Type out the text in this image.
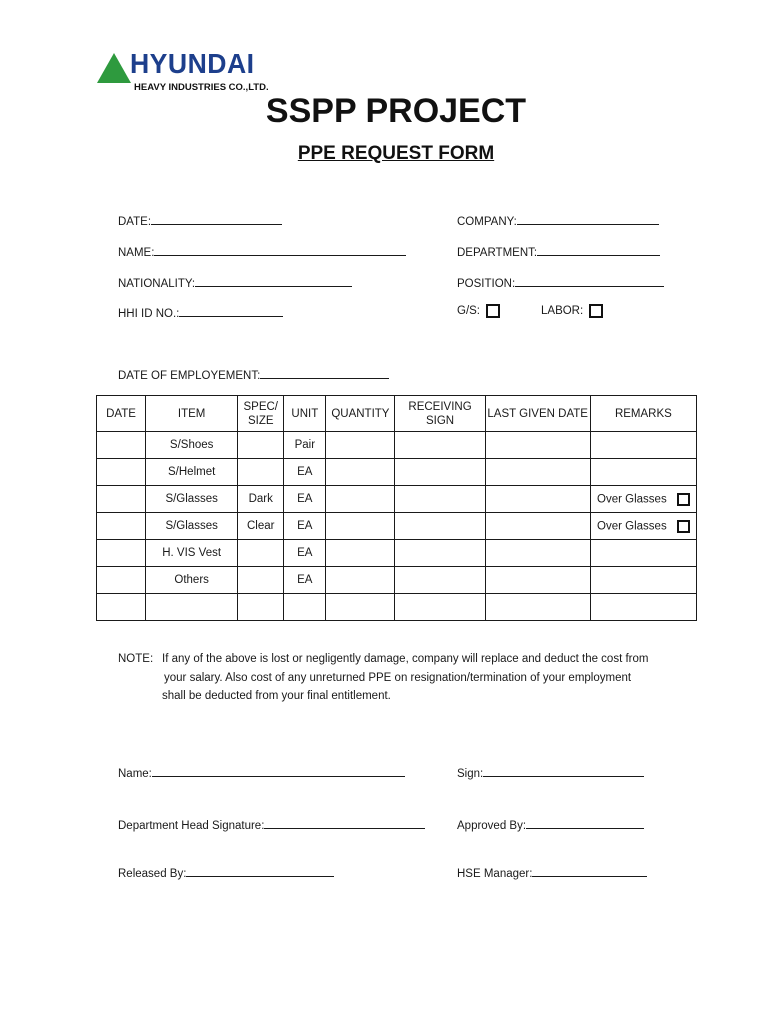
HYUNDAI
HEAVY INDUSTRIES CO.,LTD.
SSPP PROJECT
PPE REQUEST FORM
DATE:	COMPANY:
NAME:	DEPARTMENT:
NATIONALITY:	POSITION:
HHI ID NO.:	G/S:	LABOR:
DATE OF EMPLOYEMENT:
DATE	ITEM	SPEC/ SIZE	UNIT	QUANTITY	RECEIVING SIGN	LAST GIVEN DATE	REMARKS
	S/Shoes		Pair				
	S/Helmet		EA				
	S/Glasses	Dark	EA				Over Glasses
	S/Glasses	Clear	EA				Over Glasses
	H. VIS Vest		EA				
	Others		EA				

NOTE: If any of the above is lost or negligently damage, company will replace and deduct the cost from
your salary. Also cost of any unreturned PPE on resignation/termination of your employment
shall be deducted from your final entitlement.
Name:	Sign:
Department Head Signature:	Approved By:
Released By:	HSE Manager:
